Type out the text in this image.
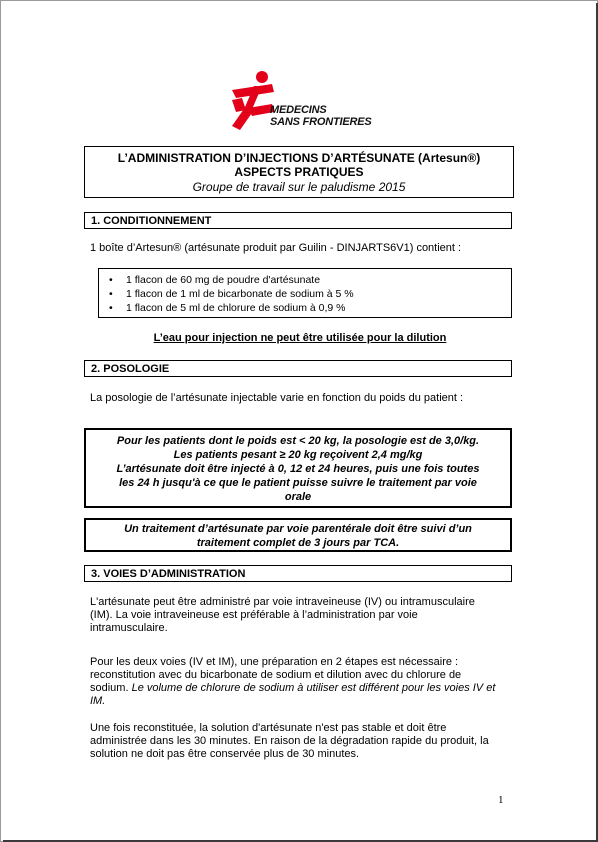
MEDECINS
SANS FRONTIERES
L’ADMINISTRATION D’INJECTIONS D’ARTÉSUNATE (Artesun®)
ASPECTS PRATIQUES
Groupe de travail sur le paludisme 2015
1. CONDITIONNEMENT
1 boîte d’Artesun® (artésunate produit par Guilin - DINJARTS6V1) contient :
• 1 flacon de 60 mg de poudre d'artésunate
• 1 flacon de 1 ml de bicarbonate de sodium à 5 %
• 1 flacon de 5 ml de chlorure de sodium à 0,9 %
L’eau pour injection ne peut être utilisée pour la dilution
2. POSOLOGIE
La posologie de l’artésunate injectable varie en fonction du poids du patient :
Pour les patients dont le poids est < 20 kg, la posologie est de 3,0/kg.
Les patients pesant ≥ 20 kg reçoivent 2,4 mg/kg
L’artésunate doit être injecté à 0, 12 et 24 heures, puis une fois toutes
les 24 h jusqu'à ce que le patient puisse suivre le traitement par voie
orale
Un traitement d’artésunate par voie parentérale doit être suivi d’un
traitement complet de 3 jours par TCA.
3. VOIES D’ADMINISTRATION
L'artésunate peut être administré par voie intraveineuse (IV) ou intramusculaire (IM). La voie intraveineuse est préférable à l’administration par voie intramusculaire.
Pour les deux voies (IV et IM), une préparation en 2 étapes est nécessaire : reconstitution avec du bicarbonate de sodium et dilution avec du chlorure de sodium. Le volume de chlorure de sodium à utiliser est différent pour les voies IV et IM.
Une fois reconstituée, la solution d'artésunate n'est pas stable et doit être administrée dans les 30 minutes. En raison de la dégradation rapide du produit, la solution ne doit pas être conservée plus de 30 minutes.
1
